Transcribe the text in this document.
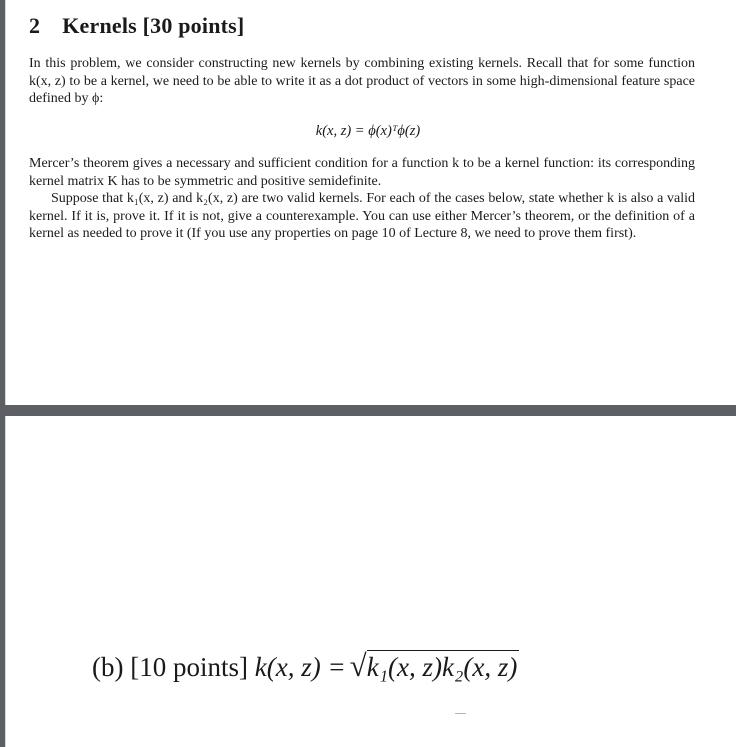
2 Kernels [30 points]
In this problem, we consider constructing new kernels by combining existing kernels. Recall that for some function k(x, z) to be a kernel, we need to be able to write it as a dot product of vectors in some high-dimensional feature space defined by ϕ:
k(x, z) = ϕ(x)ᵀϕ(z)
Mercer’s theorem gives a necessary and sufficient condition for a function k to be a kernel function: its corresponding kernel matrix K has to be symmetric and positive semidefinite.
Suppose that k₁(x, z) and k₂(x, z) are two valid kernels. For each of the cases below, state whether k is also a valid kernel. If it is, prove it. If it is not, give a counterexample. You can use either Mercer’s theorem, or the definition of a kernel as needed to prove it (If you use any properties on page 10 of Lecture 8, we need to prove them first).
(b) [10 points] k(x, z) = √k₁(x, z)k₂(x, z)
